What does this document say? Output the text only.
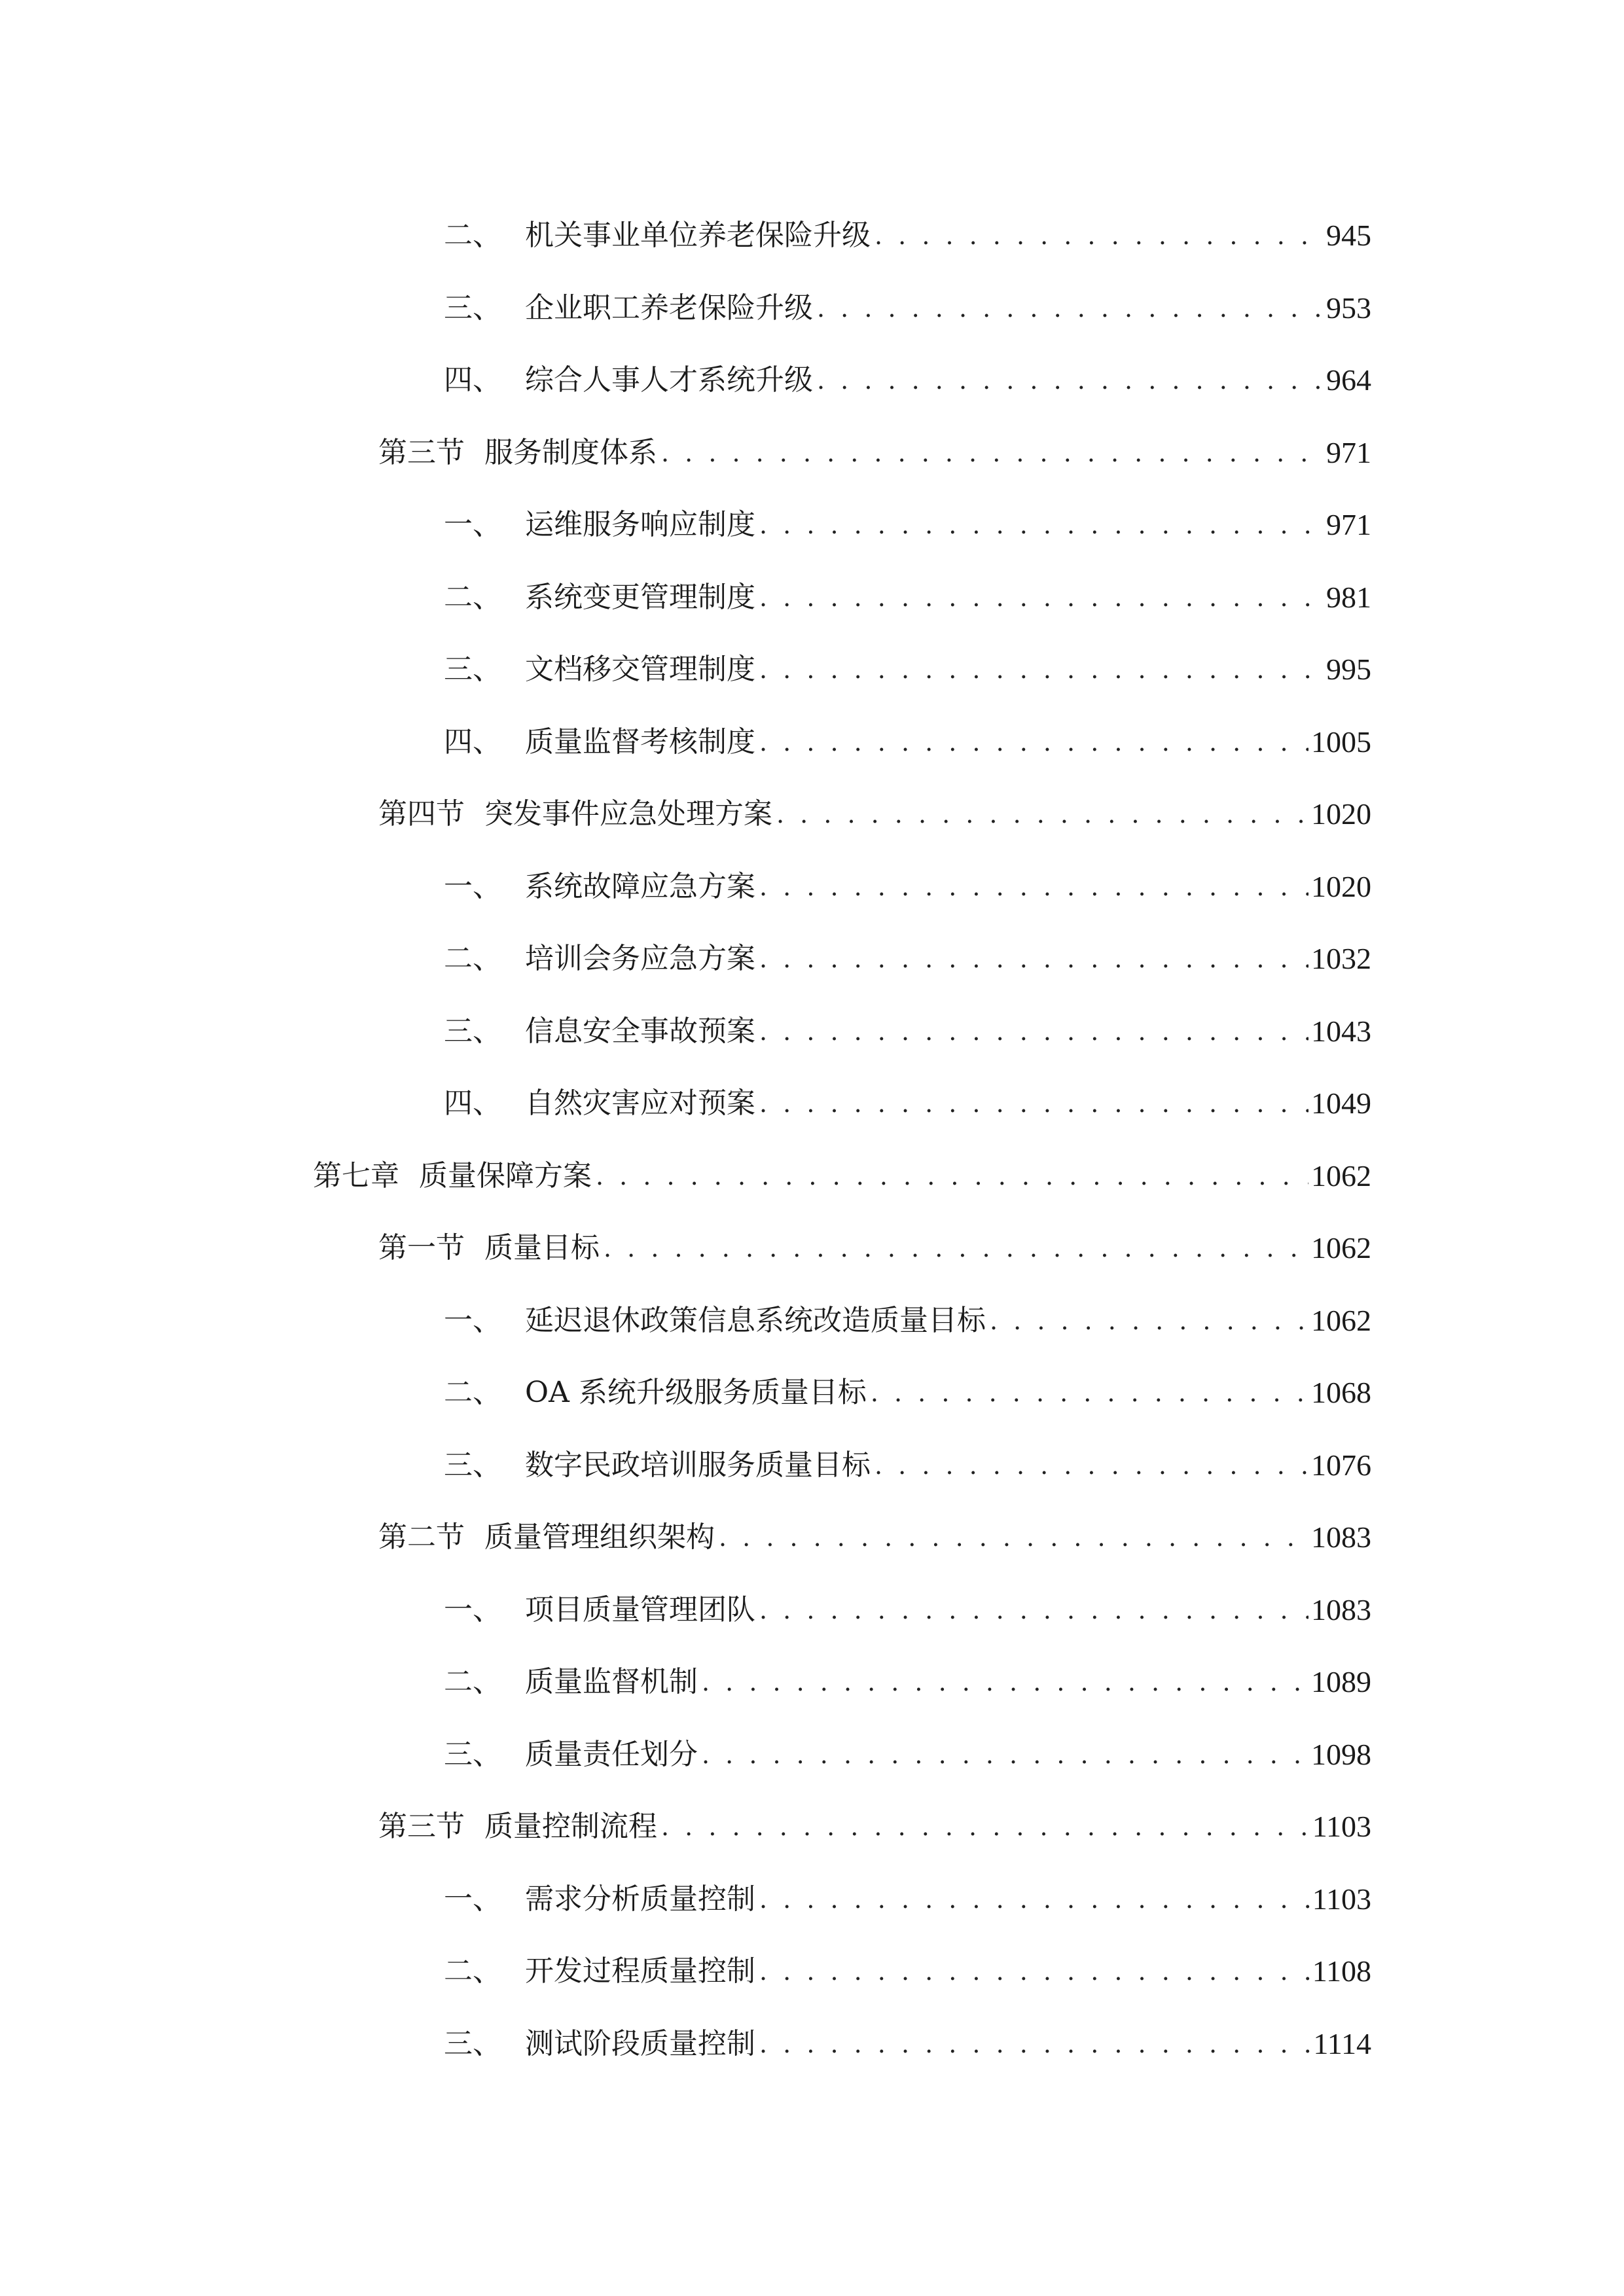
二、 机关事业单位养老保险升级 . . .	945
三、 企业职工养老保险升级 . . .	953
四、 综合人事人才系统升级 . . .	964
第三节 服务制度体系 . . .	971
一、 运维服务响应制度 . . .	971
二、 系统变更管理制度 . . .	981
三、 文档移交管理制度 . . .	995
四、 质量监督考核制度 . . .	1005
第四节 突发事件应急处理方案 . . .	1020
一、 系统故障应急方案 . . .	1020
二、 培训会务应急方案 . . .	1032
三、 信息安全事故预案 . . .	1043
四、 自然灾害应对预案 . . .	1049
第七章 质量保障方案 . . .	1062
第一节 质量目标 . . .	1062
一、 延迟退休政策信息系统改造质量目标 . . .	1062
二、 OA 系统升级服务质量目标 . . .	1068
三、 数字民政培训服务质量目标 . . .	1076
第二节 质量管理组织架构 . . .	1083
一、 项目质量管理团队 . . .	1083
二、 质量监督机制 . . .	1089
三、 质量责任划分 . . .	1098
第三节 质量控制流程 . . .	1103
一、 需求分析质量控制 . . .	1103
二、 开发过程质量控制 . . .	1108
三、 测试阶段质量控制 . . .	1114
